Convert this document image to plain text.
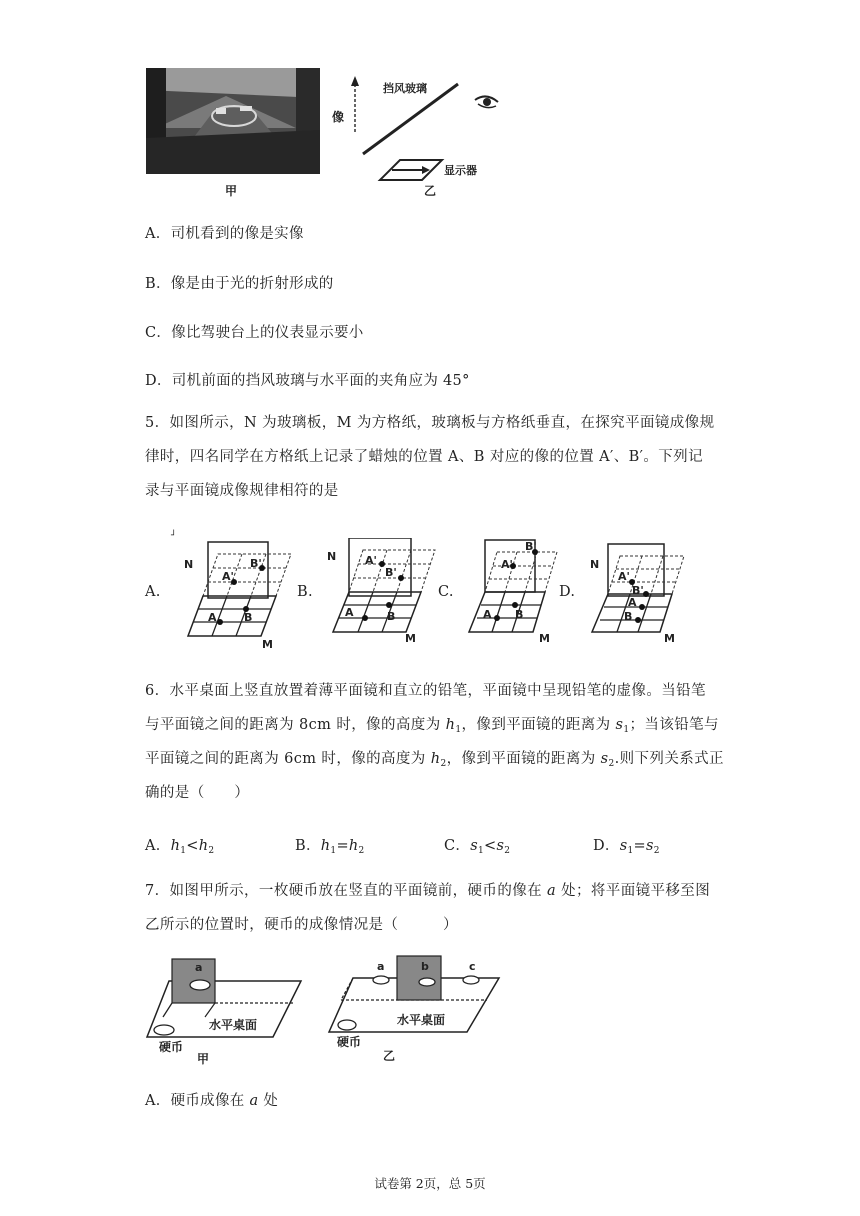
甲
像
挡风玻璃
显示器
乙
A．司机看到的像是实像
B．像是由于光的折射形成的
C．像比驾驶台上的仪表显示要小
D．司机前面的挡风玻璃与水平面的夹角应为 45°
5．如图所示，N 为玻璃板，M 为方格纸，玻璃板与方格纸垂直，在探究平面镜成像规
律时，四名同学在方格纸上记录了蜡烛的位置 A、B 对应的像的位置 A′、B′。下列记
录与平面镜成像规律相符的是
┘
A.	B.	C.	D.
N
A'
B'
A B
M
N	A'
B'
A	B
M
A'
B'
A B
M
N
A'
B'
A
B
M
6．水平桌面上竖直放置着薄平面镜和直立的铅笔，平面镜中呈现铅笔的虚像。当铅笔
与平面镜之间的距离为 8cm 时，像的高度为 $h_1$，像到平面镜的距离为 $s_1$；当该铅笔与
平面镜之间的距离为 6cm 时，像的高度为 $h_2$，像到平面镜的距离为 $s_2$.则下列关系式正
确的是（　　）
A．$h_1<h_2$	B．$h_1=h_2$	C．$s_1<s_2$	D．$s_1=s_2$
7．如图甲所示，一枚硬币放在竖直的平面镜前，硬币的像在 a 处；将平面镜平移至图
乙所示的位置时，硬币的成像情况是（　　　）
a
水平桌面
硬币
甲
a	b	c
水平桌面
硬币
乙
A．硬币成像在 a 处
试卷第 2页，总 5页
